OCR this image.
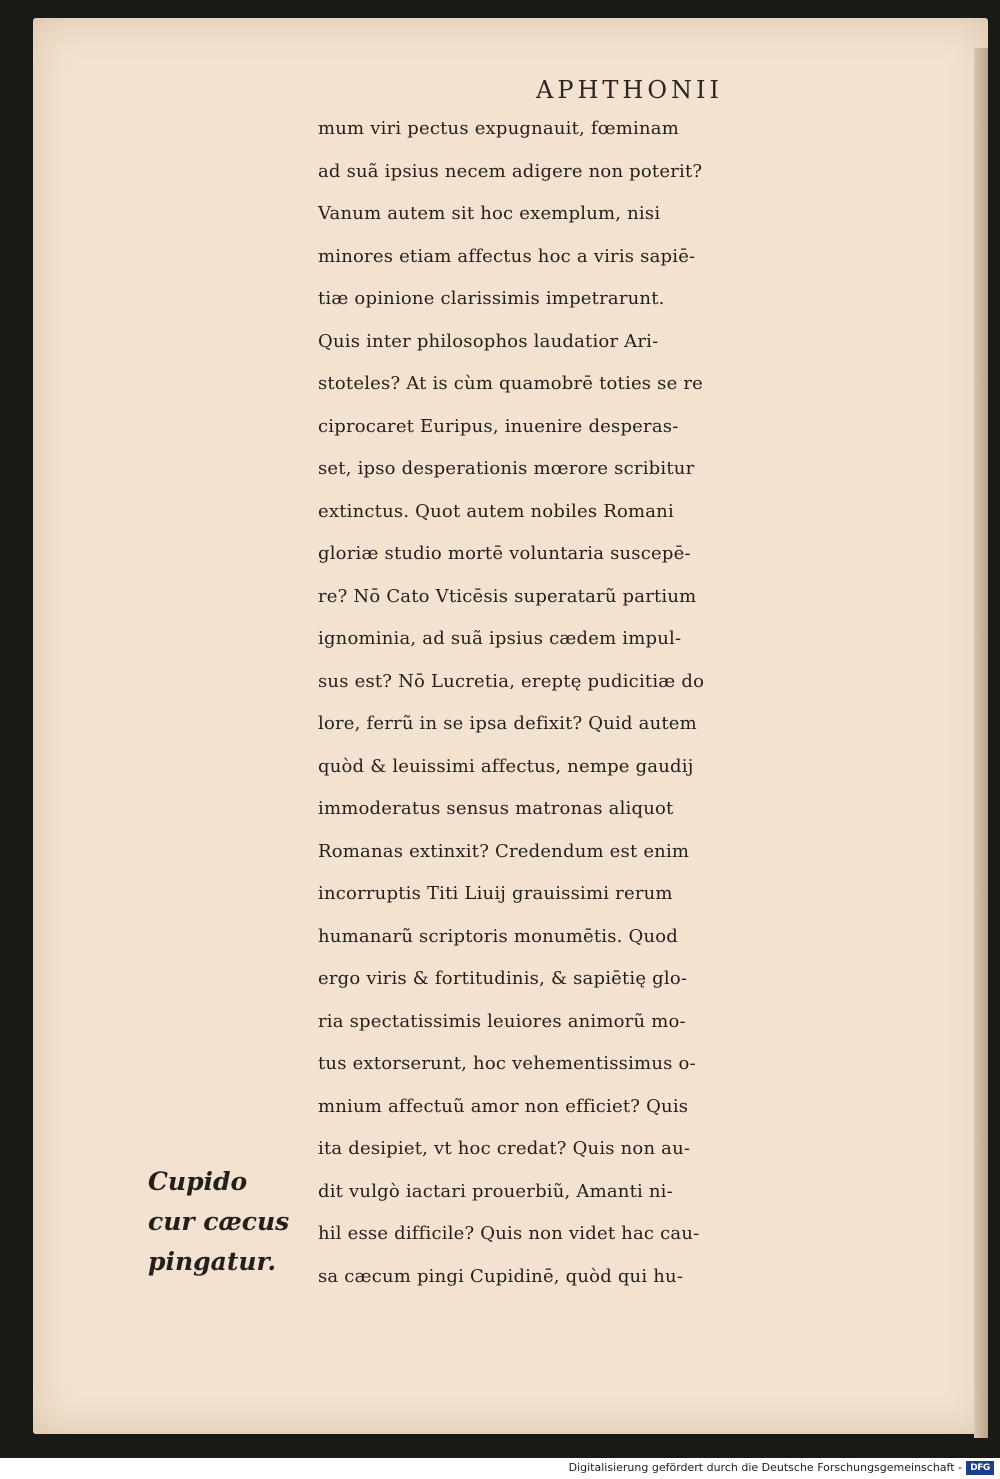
APHTHONII

mum viri pectus expugnauit, fœminam
ad suã ipsius necem adigere non poterit?
Vanum autem sit hoc exemplum, nisi
minores etiam affectus hoc a viris sapiē-
tiæ opinione clarissimis impetrarunt.
Quis inter philosophos laudatior Ari-
stoteles? At is cùm quamobrē toties se re
ciprocaret Euripus, inuenire desperas-
set, ipso desperationis mœrore scribitur
extinctus. Quot autem nobiles Romani
gloriæ studio mortē voluntaria suscepē-
re? Nō Cato Vticēsis superatarũ partium
ignominia, ad suã ipsius cædem impul-
sus est? Nō Lucretia, ereptę pudicitiæ do
lore, ferrũ in se ipsa defixit? Quid autem
quòd & leuissimi affectus, nempe gaudij
immoderatus sensus matronas aliquot
Romanas extinxit? Credendum est enim
incorruptis Titi Liuij grauissimi rerum
humanarũ scriptoris monumētis. Quod
ergo viris & fortitudinis, & sapiētię glo-
ria spectatissimis leuiores animorũ mo-
tus extorserunt, hoc vehementissimus o-
mnium affectuũ amor non efficiet? Quis
ita desipiet, vt hoc credat? Quis non au-
dit vulgò iactari prouerbiũ, Amanti ni-
hil esse difficile? Quis non videt hac cau-
sa cæcum pingi Cupidinē, quòd qui hu-
Cupido
cur cæcus
pingatur.
Digitalisierung gefördert durch die Deutsche Forschungsgemeinschaft - DFG
